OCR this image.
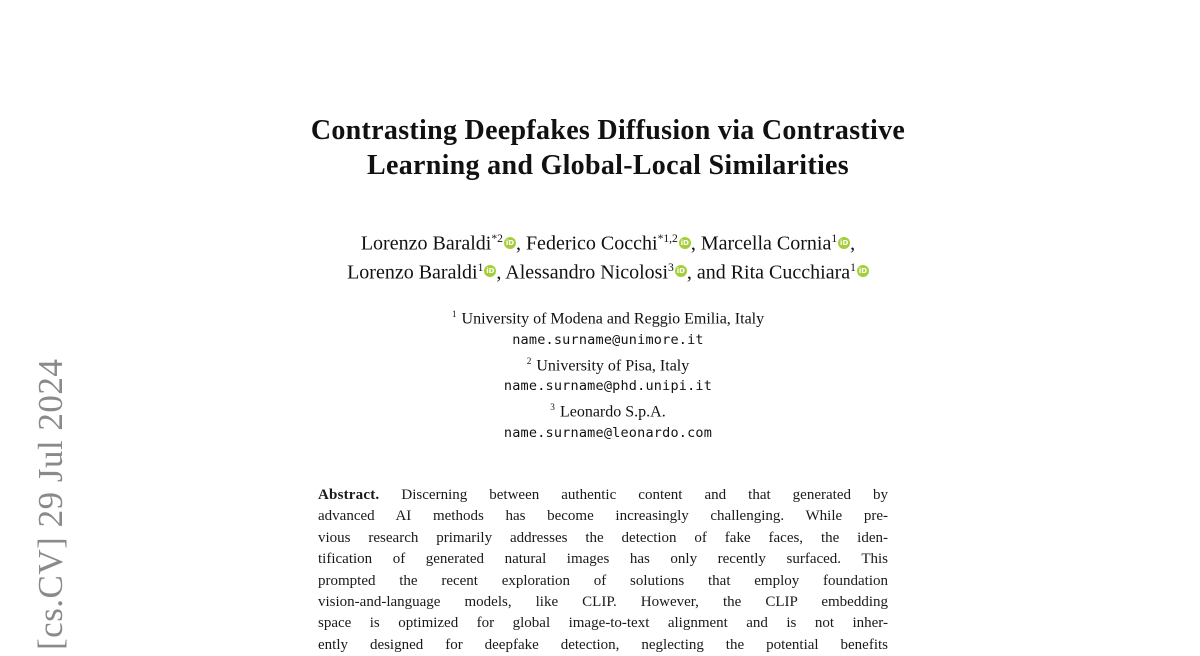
[cs.CV] 29 Jul 2024
Contrasting Deepfakes Diffusion via Contrastive
Learning and Global-Local Similarities
Lorenzo Baraldi$^{*2}$ iD, Federico Cocchi$^{*1,2}$ iD, Marcella Cornia$^1$ iD,
Lorenzo Baraldi$^1$ iD, Alessandro Nicolosi$^3$ iD, and Rita Cucchiara$^1$ iD
$^1$ University of Modena and Reggio Emilia, Italy
name.surname@unimore.it
$^2$ University of Pisa, Italy
name.surname@phd.unipi.it
$^3$ Leonardo S.p.A.
name.surname@leonardo.com
Abstract. Discerning between authentic content and that generated by
advanced AI methods has become increasingly challenging. While pre-
vious research primarily addresses the detection of fake faces, the iden-
tification of generated natural images has only recently surfaced. This
prompted the recent exploration of solutions that employ foundation
vision-and-language models, like CLIP. However, the CLIP embedding
space is optimized for global image-to-text alignment and is not inher-
ently designed for deepfake detection, neglecting the potential benefits
